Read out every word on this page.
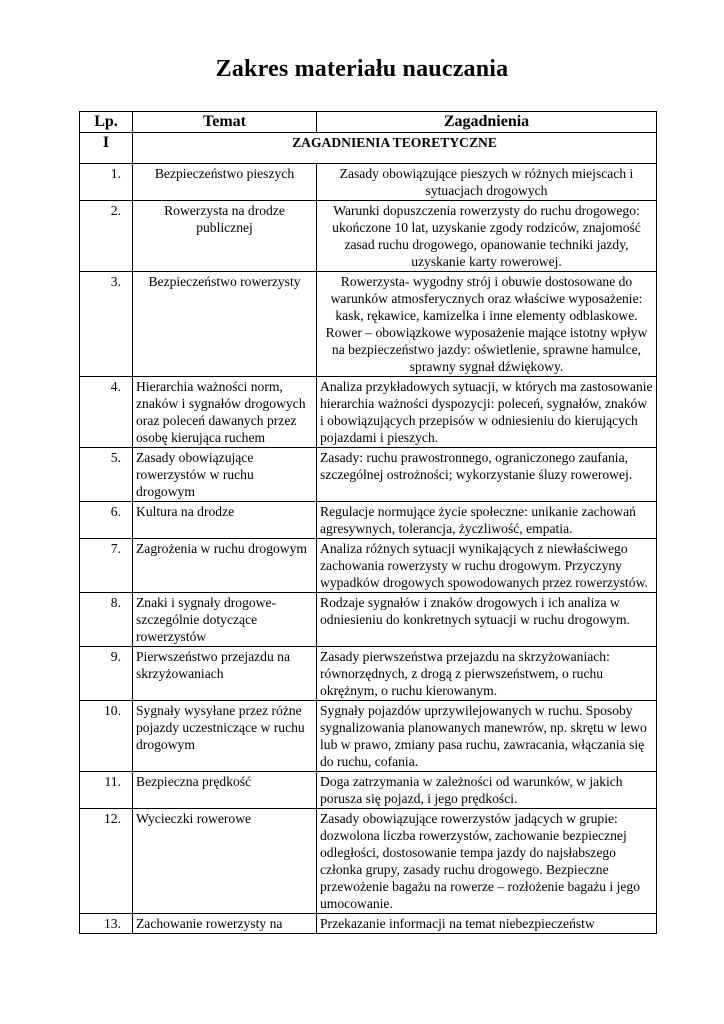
Zakres materiału nauczania
Lp.	Temat	Zagadnienia
I	ZAGADNIENIA TEORETYCZNE	
1.	Bezpieczeństwo pieszych	Zasady obowiązujące pieszych w różnych miejscach i sytuacjach drogowych
2.	Rowerzysta na drodze publicznej	Warunki dopuszczenia rowerzysty do ruchu drogowego: ukończone 10 lat, uzyskanie zgody rodziców, znajomość zasad ruchu drogowego, opanowanie techniki jazdy, uzyskanie karty rowerowej.
3.	Bezpieczeństwo rowerzysty	Rowerzysta- wygodny strój i obuwie dostosowane do warunków atmosferycznych oraz właściwe wyposażenie: kask, rękawice, kamizelka i inne elementy odblaskowe. Rower – obowiązkowe wyposażenie mające istotny wpływ na bezpieczeństwo jazdy: oświetlenie, sprawne hamulce, sprawny sygnał dźwiękowy.
4.	Hierarchia ważności norm, znaków i sygnałów drogowych oraz poleceń dawanych przez osobę kierująca ruchem	Analiza przykładowych sytuacji, w których ma zastosowanie hierarchia ważności dyspozycji: poleceń, sygnałów, znaków i obowiązujących przepisów w odniesieniu do kierujących pojazdami i pieszych.
5.	Zasady obowiązujące rowerzystów w ruchu drogowym	Zasady: ruchu prawostronnego, ograniczonego zaufania, szczególnej ostrożności; wykorzystanie śluzy rowerowej.
6.	Kultura na drodze	Regulacje normujące życie społeczne: unikanie zachowań agresywnych, tolerancja, życzliwość, empatia.
7.	Zagrożenia w ruchu drogowym	Analiza różnych sytuacji wynikających z niewłaściwego zachowania rowerzysty w ruchu drogowym. Przyczyny wypadków drogowych spowodowanych przez rowerzystów.
8.	Znaki i sygnały drogowe- szczególnie dotyczące rowerzystów	Rodzaje sygnałów i znaków drogowych i ich analiza w odniesieniu do konkretnych sytuacji w ruchu drogowym.
9.	Pierwszeństwo przejazdu na skrzyżowaniach	Zasady pierwszeństwa przejazdu na skrzyżowaniach: równorzędnych, z drogą z pierwszeństwem, o ruchu okrężnym, o ruchu kierowanym.
10.	Sygnały wysyłane przez różne pojazdy uczestniczące w ruchu drogowym	Sygnały pojazdów uprzywilejowanych w ruchu. Sposoby sygnalizowania planowanych manewrów, np. skrętu w lewo lub w prawo, zmiany pasa ruchu, zawracania, włączania się do ruchu, cofania.
11.	Bezpieczna prędkość	Doga zatrzymania w zależności od warunków, w jakich porusza się pojazd, i jego prędkości.
12.	Wycieczki rowerowe	Zasady obowiązujące rowerzystów jadących w grupie: dozwolona liczba rowerzystów, zachowanie bezpiecznej odległości, dostosowanie tempa jazdy do najsłabszego członka grupy, zasady ruchu drogowego. Bezpieczne przewożenie bagażu na rowerze – rozłożenie bagażu i jego umocowanie.
13.	Zachowanie rowerzysty na	Przekazanie informacji na temat niebezpieczeństw
